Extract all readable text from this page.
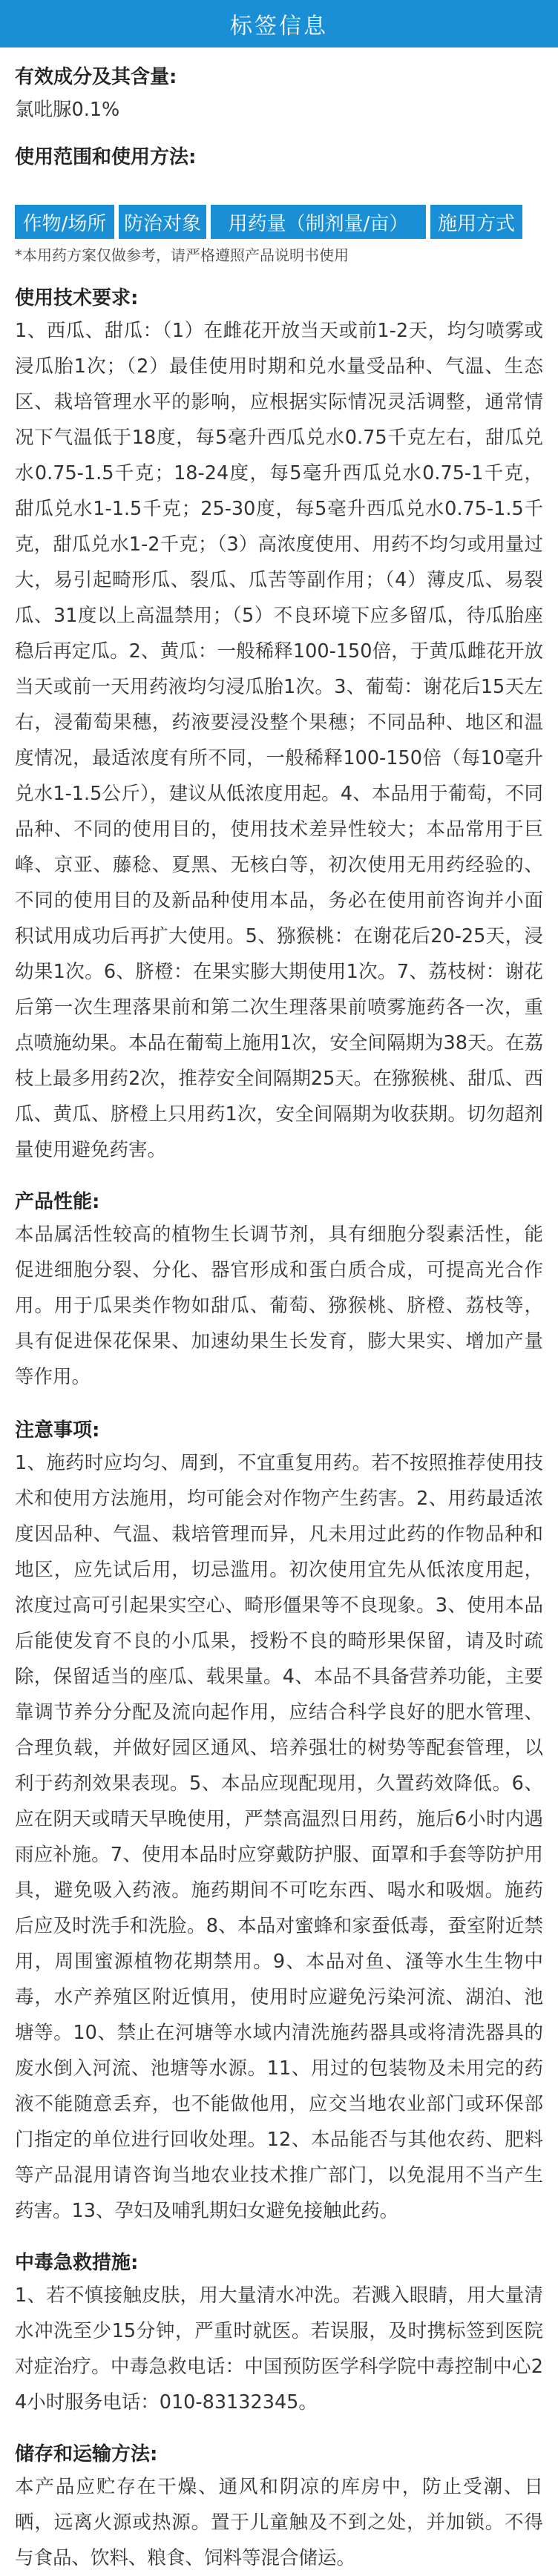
标签信息
有效成分及其含量:
氯吡脲0.1%
使用范围和使用方法:
作物/场所 防治对象	用药量（制剂量/亩）	施用方式
*本用药方案仅做参考，请严格遵照产品说明书使用
使用技术要求:
1、西瓜、甜瓜：（1）在雌花开放当天或前1-2天，均匀喷雾或浸瓜胎1次；（2）最佳使用时期和兑水量受品种、气温、生态区、栽培管理水平的影响，应根据实际情况灵活调整，通常情况下气温低于18度，每5毫升西瓜兑水0.75千克左右，甜瓜兑水0.75-1.5千克；18-24度，每5毫升西瓜兑水0.75-1千克，甜瓜兑水1-1.5千克；25-30度，每5毫升西瓜兑水0.75-1.5千克，甜瓜兑水1-2千克；（3）高浓度使用、用药不均匀或用量过大，易引起畸形瓜、裂瓜、瓜苦等副作用；（4）薄皮瓜、易裂瓜、31度以上高温禁用；（5）不良环境下应多留瓜，待瓜胎座稳后再定瓜。2、黄瓜：一般稀释100-150倍，于黄瓜雌花开放当天或前一天用药液均匀浸瓜胎1次。3、葡萄：谢花后15天左右，浸葡萄果穗，药液要浸没整个果穗；不同品种、地区和温度情况，最适浓度有所不同，一般稀释100-150倍（每10毫升兑水1-1.5公斤），建议从低浓度用起。4、本品用于葡萄，不同品种、不同的使用目的，使用技术差异性较大；本品常用于巨峰、京亚、藤稔、夏黑、无核白等，初次使用无用药经验的、不同的使用目的及新品种使用本品，务必在使用前咨询并小面积试用成功后再扩大使用。5、猕猴桃：在谢花后20-25天，浸幼果1次。6、脐橙：在果实膨大期使用1次。7、荔枝树：谢花后第一次生理落果前和第二次生理落果前喷雾施药各一次，重点喷施幼果。本品在葡萄上施用1次，安全间隔期为38天。在荔枝上最多用药2次，推荐安全间隔期25天。在猕猴桃、甜瓜、西瓜、黄瓜、脐橙上只用药1次，安全间隔期为收获期。切勿超剂量使用避免药害。
产品性能:
本品属活性较高的植物生长调节剂，具有细胞分裂素活性，能促进细胞分裂、分化、器官形成和蛋白质合成，可提高光合作用。用于瓜果类作物如甜瓜、葡萄、猕猴桃、脐橙、荔枝等，具有促进保花保果、加速幼果生长发育，膨大果实、增加产量等作用。
注意事项:
1、施药时应均匀、周到，不宜重复用药。若不按照推荐使用技术和使用方法施用，均可能会对作物产生药害。2、用药最适浓度因品种、气温、栽培管理而异，凡未用过此药的作物品种和地区，应先试后用，切忌滥用。初次使用宜先从低浓度用起，浓度过高可引起果实空心、畸形僵果等不良现象。3、使用本品后能使发育不良的小瓜果，授粉不良的畸形果保留，请及时疏除，保留适当的座瓜、载果量。4、本品不具备营养功能，主要靠调节养分分配及流向起作用，应结合科学良好的肥水管理、合理负载，并做好园区通风、培养强壮的树势等配套管理，以利于药剂效果表现。5、本品应现配现用，久置药效降低。6、应在阴天或晴天早晚使用，严禁高温烈日用药，施后6小时内遇雨应补施。7、使用本品时应穿戴防护服、面罩和手套等防护用具，避免吸入药液。施药期间不可吃东西、喝水和吸烟。施药后应及时洗手和洗脸。8、本品对蜜蜂和家蚕低毒，蚕室附近禁用，周围蜜源植物花期禁用。9、本品对鱼、溞等水生生物中毒，水产养殖区附近慎用，使用时应避免污染河流、湖泊、池塘等。10、禁止在河塘等水域内清洗施药器具或将清洗器具的废水倒入河流、池塘等水源。11、用过的包装物及未用完的药液不能随意丢弃，也不能做他用，应交当地农业部门或环保部门指定的单位进行回收处理。12、本品能否与其他农药、肥料等产品混用请咨询当地农业技术推广部门，以免混用不当产生药害。13、孕妇及哺乳期妇女避免接触此药。
中毒急救措施:
1、若不慎接触皮肤，用大量清水冲洗。若溅入眼睛，用大量清水冲洗至少15分钟，严重时就医。若误服，及时携标签到医院对症治疗。中毒急救电话：中国预防医学科学院中毒控制中心24小时服务电话：010-83132345。
储存和运输方法:
本产品应贮存在干燥、通风和阴凉的库房中，防止受潮、日晒，远离火源或热源。置于儿童触及不到之处，并加锁。不得与食品、饮料、粮食、饲料等混合储运。
